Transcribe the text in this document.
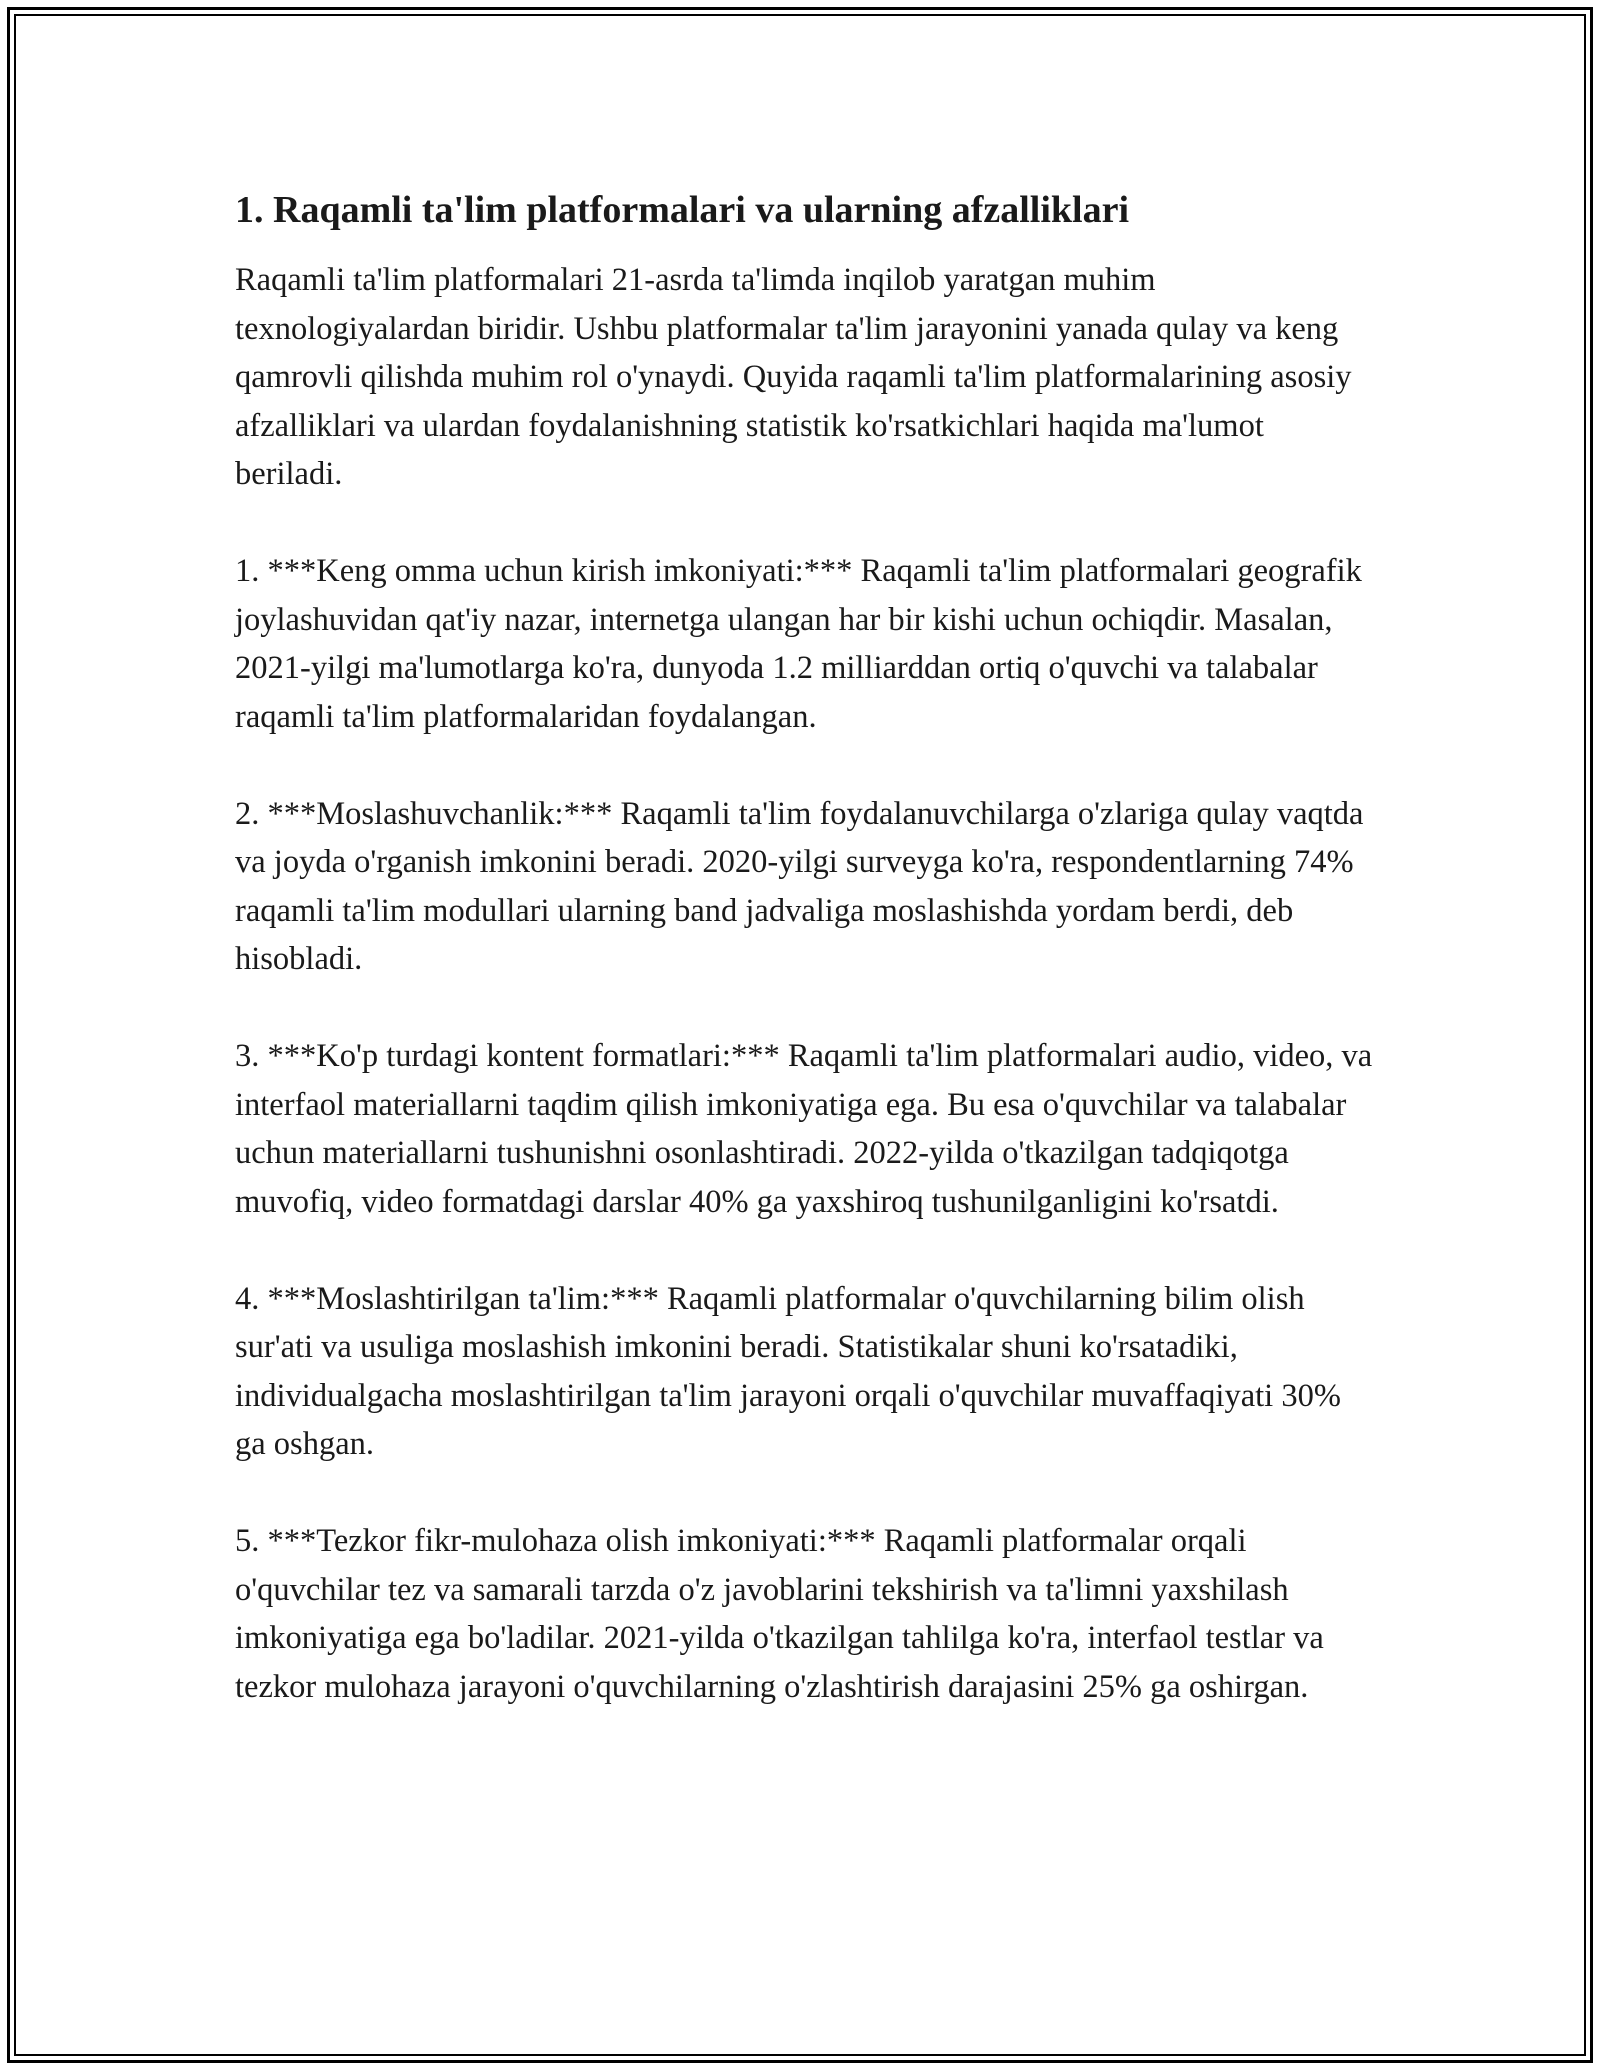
1. Raqamli ta'lim platformalari va ularning afzalliklari

Raqamli ta'lim platformalari 21-asrda ta'limda inqilob yaratgan muhim texnologiyalardan biridir. Ushbu platformalar ta'lim jarayonini yanada qulay va keng qamrovli qilishda muhim rol o'ynaydi. Quyida raqamli ta'lim platformalarining asosiy afzalliklari va ulardan foydalanishning statistik ko'rsatkichlari haqida ma'lumot beriladi.

1. ***Keng omma uchun kirish imkoniyati:*** Raqamli ta'lim platformalari geografik joylashuvidan qat'iy nazar, internetga ulangan har bir kishi uchun ochiqdir. Masalan, 2021-yilgi ma'lumotlarga ko'ra, dunyoda 1.2 milliarddan ortiq o'quvchi va talabalar raqamli ta'lim platformalaridan foydalangan.

2. ***Moslashuvchanlik:*** Raqamli ta'lim foydalanuvchilarga o'zlariga qulay vaqtda va joyda o'rganish imkonini beradi. 2020-yilgi surveyga ko'ra, respondentlarning 74% raqamli ta'lim modullari ularning band jadvaliga moslashishda yordam berdi, deb hisobladi.

3. ***Ko'p turdagi kontent formatlari:*** Raqamli ta'lim platformalari audio, video, va interfaol materiallarni taqdim qilish imkoniyatiga ega. Bu esa o'quvchilar va talabalar uchun materiallarni tushunishni osonlashtiradi. 2022-yilda o'tkazilgan tadqiqotga muvofiq, video formatdagi darslar 40% ga yaxshiroq tushunilganligini ko'rsatdi.

4. ***Moslashtirilgan ta'lim:*** Raqamli platformalar o'quvchilarning bilim olish sur'ati va usuliga moslashish imkonini beradi. Statistikalar shuni ko'rsatadiki, individualgacha moslashtirilgan ta'lim jarayoni orqali o'quvchilar muvaffaqiyati 30% ga oshgan.

5. ***Tezkor fikr-mulohaza olish imkoniyati:*** Raqamli platformalar orqali o'quvchilar tez va samarali tarzda o'z javoblarini tekshirish va ta'limni yaxshilash imkoniyatiga ega bo'ladilar. 2021-yilda o'tkazilgan tahlilga ko'ra, interfaol testlar va tezkor mulohaza jarayoni o'quvchilarning o'zlashtirish darajasini 25% ga oshirgan.
